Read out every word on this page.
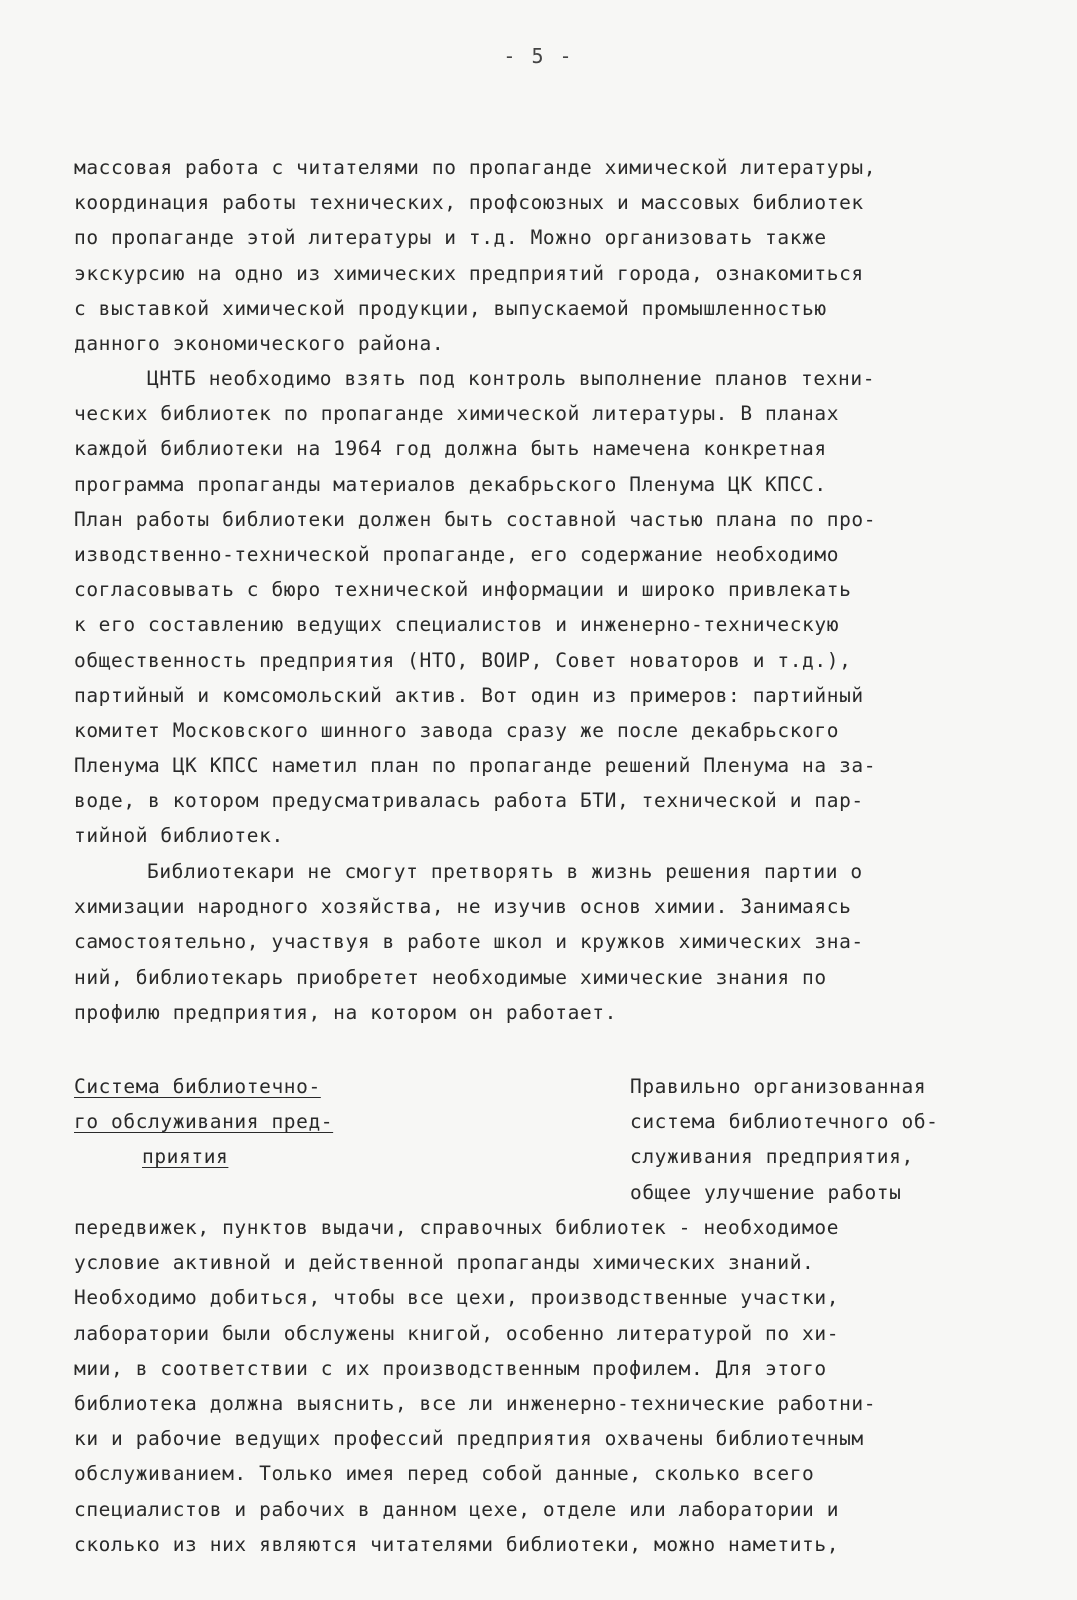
- 5 -
массовая работа с читателями по пропаганде химической литературы,
координация работы технических, профсоюзных и массовых библиотек
по пропаганде этой литературы и т.д. Можно организовать также
экскурсию на одно из химических предприятий города, ознакомиться
с выставкой химической продукции, выпускаемой промышленностью
данного экономического района.
ЦНТБ необходимо взять под контроль выполнение планов техни-
ческих библиотек по пропаганде химической литературы. В планах
каждой библиотеки на 1964 год должна быть намечена конкретная
программа пропаганды материалов декабрьского Пленума ЦК КПСС.
План работы библиотеки должен быть составной частью плана по про-
изводственно-технической пропаганде, его содержание необходимо
согласовывать с бюро технической информации и широко привлекать
к его составлению ведущих специалистов и инженерно-техническую
общественность предприятия (НТО, ВОИР, Совет новаторов и т.д.),
партийный и комсомольский актив. Вот один из примеров: партийный
комитет Московского шинного завода сразу же после декабрьского
Пленума ЦК КПСС наметил план по пропаганде решений Пленума на за-
воде, в котором предусматривалась работа БТИ, технической и пар-
тийной библиотек.
Библиотекари не смогут претворять в жизнь решения партии о
химизации народного хозяйства, не изучив основ химии. Занимаясь
самостоятельно, участвуя в работе школ и кружков химических зна-
ний, библиотекарь приобретет необходимые химические знания по
профилю предприятия, на котором он работает.
Система библиотечно-
го обслуживания пред-
приятия
Правильно организованная
система библиотечного об-
служивания предприятия,
общее улучшение работы
передвижек, пунктов выдачи, справочных библиотек - необходимое
условие активной и действенной пропаганды химических знаний.
Необходимо добиться, чтобы все цехи, производственные участки,
лаборатории были обслужены книгой, особенно литературой по хи-
мии, в соответствии с их производственным профилем. Для этого
библиотека должна выяснить, все ли инженерно-технические работни-
ки и рабочие ведущих профессий предприятия охвачены библиотечным
обслуживанием. Только имея перед собой данные, сколько всего
специалистов и рабочих в данном цехе, отделе или лаборатории и
сколько из них являются читателями библиотеки, можно наметить,
